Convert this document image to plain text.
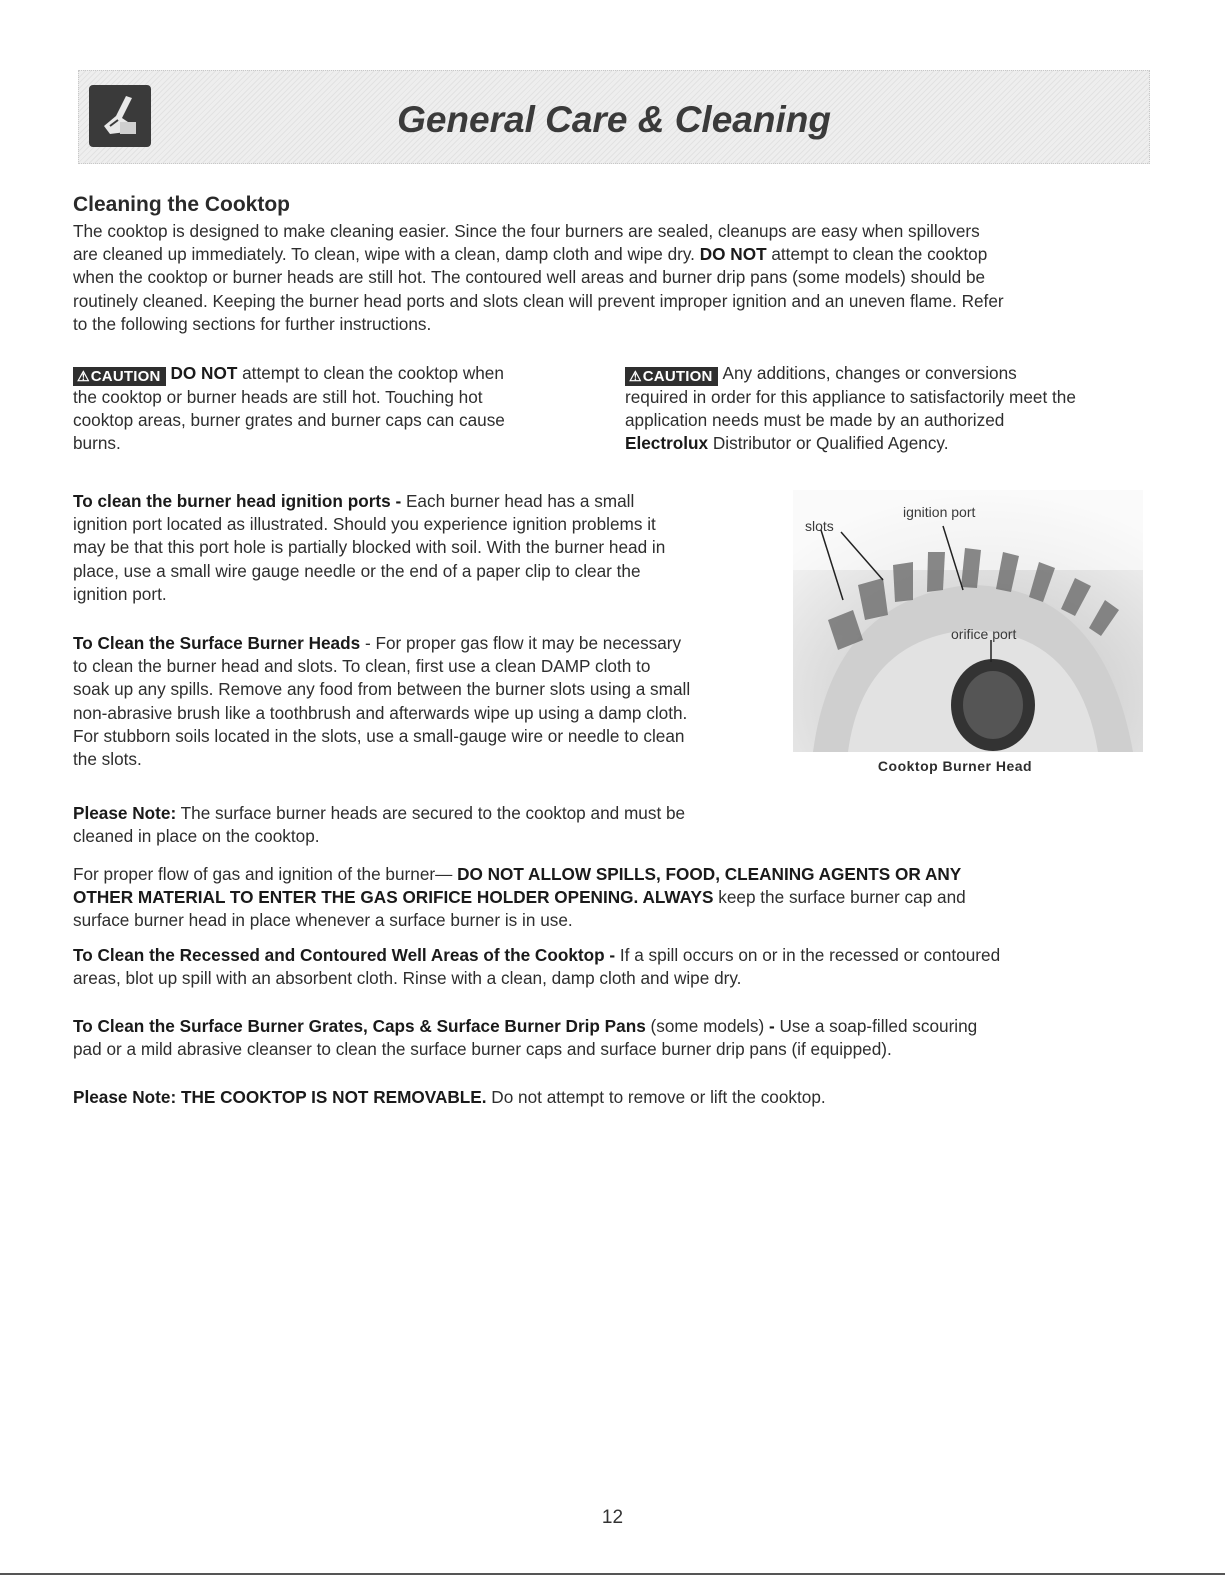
General Care & Cleaning
Cleaning the Cooktop
The cooktop is designed to make cleaning easier. Since the four burners are sealed, cleanups are easy when spillovers
are cleaned up immediately. To clean, wipe with a clean, damp cloth and wipe dry. DO NOT attempt to clean the cooktop
when the cooktop or burner heads are still hot. The contoured well areas and burner drip pans (some models) should be
routinely cleaned. Keeping the burner head ports and slots clean will prevent improper ignition and an uneven flame. Refer
to the following sections for further instructions.
⚠CAUTION DO NOT attempt to clean the cooktop when
the cooktop or burner heads are still hot. Touching hot
cooktop areas, burner grates and burner caps can cause
burns.
⚠CAUTION Any additions, changes or conversions
required in order for this appliance to satisfactorily meet the
application needs must be made by an authorized
Electrolux Distributor or Qualified Agency.
To clean the burner head ignition ports - Each burner head has a small
ignition port located as illustrated. Should you experience ignition problems it
may be that this port hole is partially blocked with soil. With the burner head in
place, use a small wire gauge needle or the end of a paper clip to clear the
ignition port.
To Clean the Surface Burner Heads - For proper gas flow it may be necessary
to clean the burner head and slots. To clean, first use a clean DAMP cloth to
soak up any spills. Remove any food from between the burner slots using a small
non-abrasive brush like a toothbrush and afterwards wipe up using a damp cloth.
For stubborn soils located in the slots, use a small-gauge wire or needle to clean
the slots.
slots
ignition port
orifice port
Cooktop Burner Head
Please Note: The surface burner heads are secured to the cooktop and must be
cleaned in place on the cooktop.
For proper flow of gas and ignition of the burner— DO NOT ALLOW SPILLS, FOOD, CLEANING AGENTS OR ANY
OTHER MATERIAL TO ENTER THE GAS ORIFICE HOLDER OPENING. ALWAYS keep the surface burner cap and
surface burner head in place whenever a surface burner is in use.
To Clean the Recessed and Contoured Well Areas of the Cooktop - If a spill occurs on or in the recessed or contoured
areas, blot up spill with an absorbent cloth. Rinse with a clean, damp cloth and wipe dry.
To Clean the Surface Burner Grates, Caps & Surface Burner Drip Pans (some models) - Use a soap-filled scouring
pad or a mild abrasive cleanser to clean the surface burner caps and surface burner drip pans (if equipped).
Please Note: THE COOKTOP IS NOT REMOVABLE. Do not attempt to remove or lift the cooktop.
12
